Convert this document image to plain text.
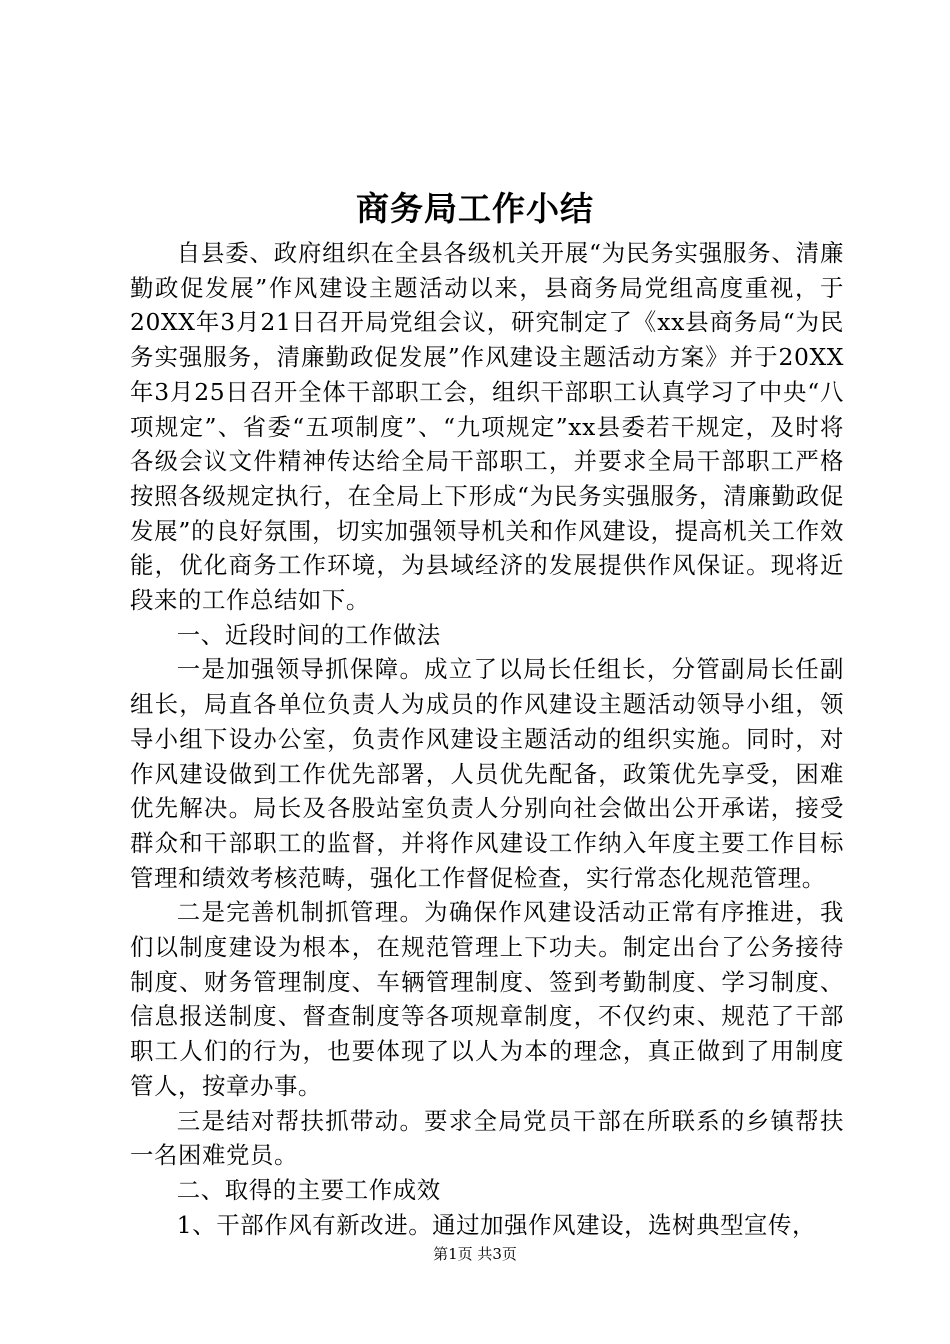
商务局工作小结

自县委、政府组织在全县各级机关开展“为民务实强服务、清廉勤政促发展”作风建设主题活动以来，县商务局党组高度重视，于20XX年3月21日召开局党组会议，研究制定了《xx县商务局“为民务实强服务，清廉勤政促发展”作风建设主题活动方案》并于20XX年3月25日召开全体干部职工会，组织干部职工认真学习了中央“八项规定”、省委“五项制度”、“九项规定”xx县委若干规定，及时将各级会议文件精神传达给全局干部职工，并要求全局干部职工严格按照各级规定执行，在全局上下形成“为民务实强服务，清廉勤政促发展”的良好氛围，切实加强领导机关和作风建设，提高机关工作效能，优化商务工作环境，为县域经济的发展提供作风保证。现将近段来的工作总结如下。

一、近段时间的工作做法

一是加强领导抓保障。成立了以局长任组长，分管副局长任副组长，局直各单位负责人为成员的作风建设主题活动领导小组，领导小组下设办公室，负责作风建设主题活动的组织实施。同时，对作风建设做到工作优先部署，人员优先配备，政策优先享受，困难优先解决。局长及各股站室负责人分别向社会做出公开承诺，接受群众和干部职工的监督，并将作风建设工作纳入年度主要工作目标管理和绩效考核范畴，强化工作督促检查，实行常态化规范管理。

二是完善机制抓管理。为确保作风建设活动正常有序推进，我们以制度建设为根本，在规范管理上下功夫。制定出台了公务接待制度、财务管理制度、车辆管理制度、签到考勤制度、学习制度、信息报送制度、督查制度等各项规章制度，不仅约束、规范了干部职工人们的行为，也要体现了以人为本的理念，真正做到了用制度管人，按章办事。

三是结对帮扶抓带动。要求全局党员干部在所联系的乡镇帮扶一名困难党员。

二、取得的主要工作成效

1、干部作风有新改进。通过加强作风建设，选树典型宣传，

第1页 共3页
